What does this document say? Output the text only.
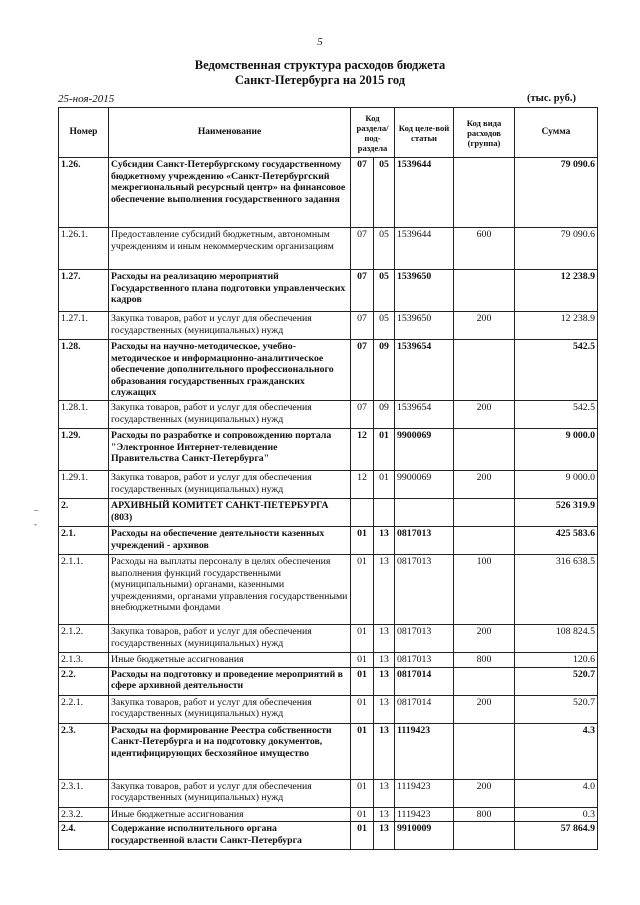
5
Ведомственная структура расходов бюджета
Санкт-Петербурга на 2015 год
25-ноя-2015	(тыс. руб.)
–
-
Номер	Наименование	Код раздела/ под-раздела		Код целе-вой статьи	Код вида расходов (группа)	Сумма
1.26.	Субсидии Санкт-Петербургскому государственному бюджетному учреждению «Санкт-Петербургский межрегиональный ресурсный центр» на финансовое обеспечение выполнения государственного задания	07	05	1539644		79 090.6
1.26.1.	Предоставление субсидий бюджетным, автономным учреждениям и иным некоммерческим организациям	07	05	1539644	600	79 090.6
1.27.	Расходы на реализацию мероприятий Государственного плана подготовки управленческих кадров	07	05	1539650		12 238.9
1.27.1.	Закупка товаров, работ и услуг для обеспечения государственных (муниципальных) нужд	07	05	1539650	200	12 238.9
1.28.	Расходы на научно-методическое, учебно-методическое и информационно-аналитическое обеспечение дополнительного профессионального образования государственных гражданских служащих	07	09	1539654		542.5
1.28.1.	Закупка товаров, работ и услуг для обеспечения государственных (муниципальных) нужд	07	09	1539654	200	542.5
1.29.	Расходы по разработке и сопровождению портала "Электронное Интернет-телевидение Правительства Санкт-Петербурга"	12	01	9900069		9 000.0
1.29.1.	Закупка товаров, работ и услуг для обеспечения государственных (муниципальных) нужд	12	01	9900069	200	9 000.0
2.	АРХИВНЫЙ КОМИТЕТ САНКТ-ПЕТЕРБУРГА (803)					526 319.9
2.1.	Расходы на обеспечение деятельности казенных учреждений - архивов	01	13	0817013		425 583.6
2.1.1.	Расходы на выплаты персоналу в целях обеспечения выполнения функций государственными (муниципальными) органами, казенными учреждениями, органами управления государственными внебюджетными фондами	01	13	0817013	100	316 638.5
2.1.2.	Закупка товаров, работ и услуг для обеспечения государственных (муниципальных) нужд	01	13	0817013	200	108 824.5
2.1.3.	Иные бюджетные ассигнования	01	13	0817013	800	120.6
2.2.	Расходы на подготовку и проведение мероприятий в сфере архивной деятельности	01	13	0817014		520.7
2.2.1.	Закупка товаров, работ и услуг для обеспечения государственных (муниципальных) нужд	01	13	0817014	200	520.7
2.3.	Расходы на формирование Реестра собственности Санкт-Петербурга и на подготовку документов, идентифицирующих бесхозяйное имущество	01	13	1119423		4.3
2.3.1.	Закупка товаров, работ и услуг для обеспечения государственных (муниципальных) нужд	01	13	1119423	200	4.0
2.3.2.	Иные бюджетные ассигнования	01	13	1119423	800	0.3
2.4.	Содержание исполнительного органа государственной власти Санкт-Петербурга	01	13	9910009		57 864.9
